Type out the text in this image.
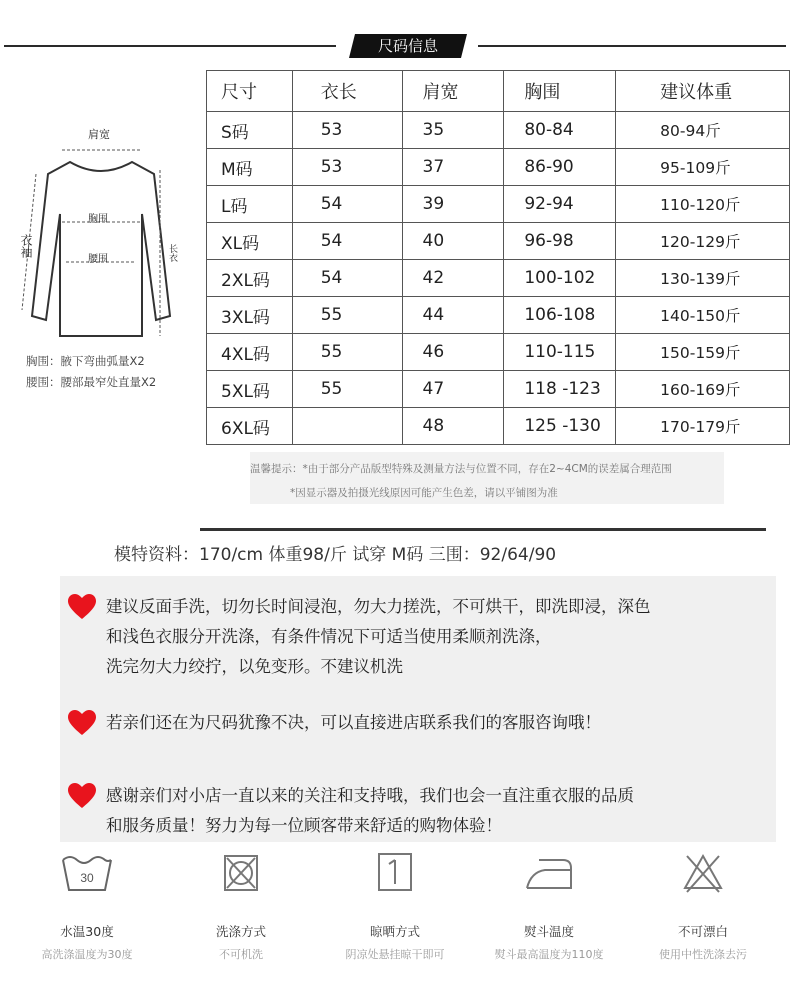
尺码信息
肩宽
胸围
腰围
衣袖	长衣
胸围：腋下弯曲弧量X2
腰围：腰部最窄处直量X2
尺寸	衣长	肩宽	胸围	建议体重
S码	53	35	80-84	80-94斤
M码	53	37	86-90	95-109斤
L码	54	39	92-94	110-120斤
XL码	54	40	96-98	120-129斤
2XL码	54	42	100-102	130-139斤
3XL码	55	44	106-108	140-150斤
4XL码	55	46	110-115	150-159斤
5XL码	55	47	118 -123	160-169斤
6XL码		48	125 -130	170-179斤

温馨提示：*由于部分产品版型特殊及测量方法与位置不同，存在2~4CM的误差属合理范围

*因显示器及拍摄光线原因可能产生色差，请以平铺图为准

模特资料：170/cm 体重98/斤 试穿 M码 三围：92/64/90
建议反面手洗，切勿长时间浸泡，勿大力搓洗，不可烘干，即洗即浸，深色
和浅色衣服分开洗涤，有条件情况下可适当使用柔顺剂洗涤，
洗完勿大力绞拧，以免变形。不建议机洗
若亲们还在为尺码犹豫不决，可以直接进店联系我们的客服咨询哦！
感谢亲们对小店一直以来的关注和支持哦，我们也会一直注重衣服的品质
和服务质量！努力为每一位顾客带来舒适的购物体验！
30
水温30度
高洗涤温度为30度
洗涤方式
不可机洗
晾晒方式
阴凉处悬挂晾干即可
熨斗温度
熨斗最高温度为110度
不可漂白
使用中性洗涤去污
